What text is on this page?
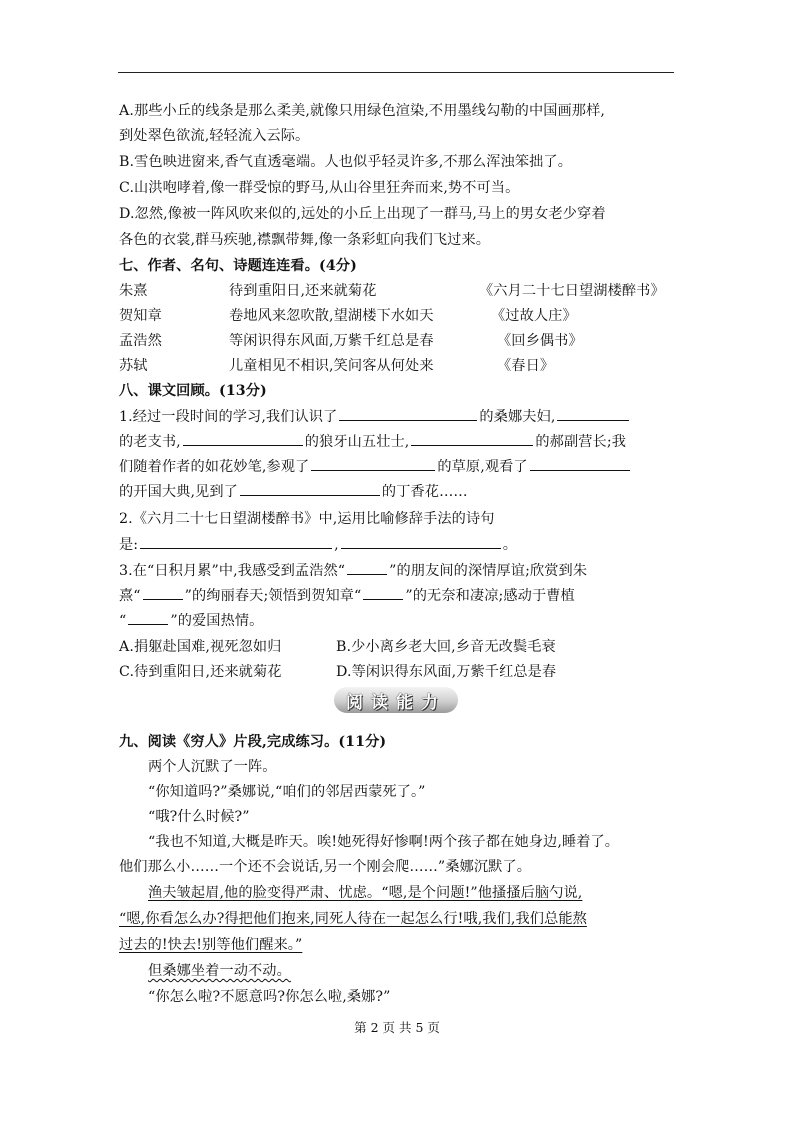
A.那些小丘的线条是那么柔美,就像只用绿色渲染,不用墨线勾勒的中国画那样,
到处翠色欲流,轻轻流入云际。
B.雪色映进窗来,香气直透毫端。人也似乎轻灵许多,不那么浑浊笨拙了。
C.山洪咆哮着,像一群受惊的野马,从山谷里狂奔而来,势不可当。
D.忽然,像被一阵风吹来似的,远处的小丘上出现了一群马,马上的男女老少穿着
各色的衣裳,群马疾驰,襟飘带舞,像一条彩虹向我们飞过来。
七、作者、名句、诗题连连看。(4分)
朱熹	待到重阳日,还来就菊花	《六月二十七日望湖楼醉书》
贺知章	卷地风来忽吹散,望湖楼下水如天	《过故人庄》
孟浩然	等闲识得东风面,万紫千红总是春	《回乡偶书》
苏轼	儿童相见不相识,笑问客从何处来	《春日》
八、课文回顾。(13分)
1.经过一段时间的学习,我们认识了	的桑娜夫妇,
的老支书,	的狼牙山五壮士,	的郝副营长;我
们随着作者的如花妙笔,参观了	的草原,观看了
的开国大典,见到了	的丁香花……
2.《六月二十七日望湖楼醉书》中,运用比喻修辞手法的诗句
是:	,	。
3.在“日积月累”中,我感受到孟浩然“	”的朋友间的深情厚谊;欣赏到朱
熹“	”的绚丽春天;领悟到贺知章“	”的无奈和凄凉;感动于曹植
“	”的爱国热情。
A.捐躯赴国难,视死忽如归	B.少小离乡老大回,乡音无改鬓毛衰
C.待到重阳日,还来就菊花	D.等闲识得东风面,万紫千红总是春
阅读能力
九、阅读《穷人》片段,完成练习。(11分)
两个人沉默了一阵。
“你知道吗?”桑娜说,“咱们的邻居西蒙死了。”
“哦?什么时候?”
“我也不知道,大概是昨天。唉!她死得好惨啊!两个孩子都在她身边,睡着了。
他们那么小……一个还不会说话,另一个刚会爬……”桑娜沉默了。
渔夫皱起眉,他的脸变得严肃、忧虑。“嗯,是个问题!”他搔搔后脑勺说,
“嗯,你看怎么办?得把他们抱来,同死人待在一起怎么行!哦,我们,我们总能熬
过去的!快去!别等他们醒来。”
但桑娜坐着一动不动。
“你怎么啦?不愿意吗?你怎么啦,桑娜?”
第 2 页 共 5 页
